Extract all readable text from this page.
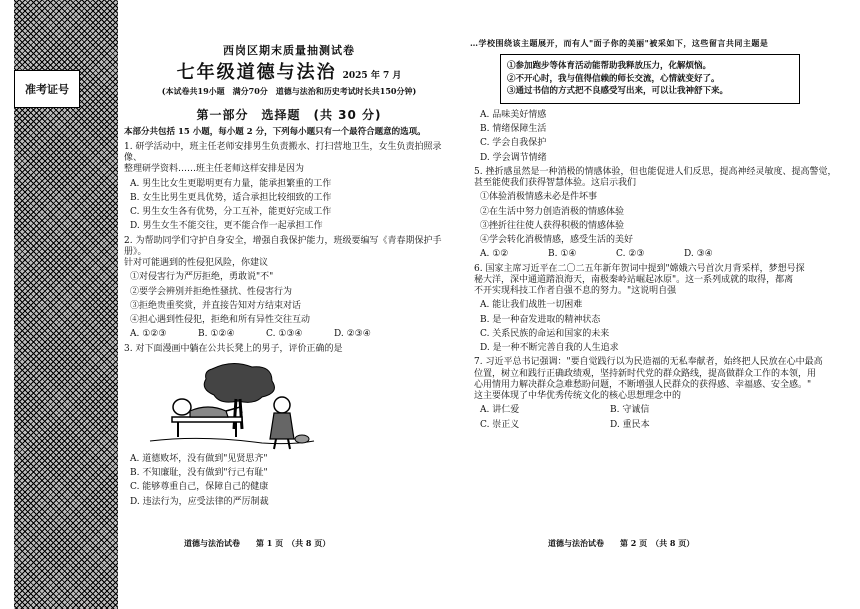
准考证号
西岗区期末质量抽测试卷
七年级道德与法治 2025 年 7 月
(本试卷共19小题　满分70分　道德与法治和历史考试时长共150分钟)
第一部分　选择题　(共 30 分)
本部分共包括 15 小题，每小题 2 分，下列每小题只有一个最符合题意的选项。
1. 研学活动中，班主任老师安排男生负责搬水、打扫营地卫生，女生负责拍照录像、
整理研学资料……班主任老师这样安排是因为
A. 男生比女生更聪明更有力量，能承担繁重的工作
B. 女生比男生更具优势，适合承担比较细致的工作
C. 男生女生各有优势，分工互补，能更好完成工作
D. 男生女生不能交往，更不能合作一起承担工作
2. 为帮助同学们守护自身安全，增强自我保护能力，班级要编写《青春期保护手册》。
针对可能遇到的性侵犯风险，你建议
①对侵害行为严厉拒绝，勇敢说"不"
②要学会辨别并拒绝性骚扰、性侵害行为
③拒绝贵重奖赏，并直接告知对方结束对话
④担心遇到性侵犯，拒绝和所有异性交往互动
A. ①②③	B. ①②④	C. ①③④	D. ②③④
3. 对下面漫画中躺在公共长凳上的男子，评价正确的是
A. 道德败坏，没有做到"见贤思齐"
B. 不知廉耻，没有做到"行己有耻"
C. 能够尊重自己，保障自己的健康
D. 违法行为，应受法律的严厉制裁
道德与法治试卷　　第 1 页　（共 8 页）
…学校围绕该主题展开，而有人"面子你的美丽"被采如下，这些留言共同主题是
①参加跑步等体育活动能帮助我释放压力，化解烦恼。
②不开心时，我与值得信赖的师长交流，心情就变好了。
③通过书信的方式把不良感受写出来，可以让我神舒下来。
A. 品味美好情感
B. 情绪保障生活
C. 学会自我保护
D. 学会调节情绪
5. 挫折感虽然是一种消极的情感体验，但也能促进人们反思，提高神经灵敏度、提高警觉，
甚至能使我们获得智慧体验。这启示我们
①体验消极情感未必是件坏事
②在生活中努力创造消极的情感体验
③挫折往往使人获得积极的情感体验
④学会转化消极情感，感受生活的美好
A. ①②	B. ①④	C. ②③	D. ③④
6. 国家主席习近平在二〇二五年新年贺词中提到"嫦娥六号首次月背采样，梦想号探
秘大洋，深中通道踏浪海天，南极秦岭站崛起冰原"。这一系列成就的取得，都离
不开实现科技工作者自强不息的努力。"这说明自强
A. 能让我们战胜一切困难
B. 是一种奋发进取的精神状态
C. 关系民族的命运和国家的未来
D. 是一种不断完善自我的人生追求
7. 习近平总书记强调："要自觉践行以为民造福的无私奉献者，始终把人民放在心中最高
位置，树立和践行正确政绩观，坚持新时代党的群众路线，提高做群众工作的本领，用
心用情用力解决群众急难愁盼问题，不断增强人民群众的获得感、幸福感、安全感。"
这主要体现了中华优秀传统文化的核心思想理念中的
A. 讲仁爱	B. 守诚信
C. 崇正义	D. 重民本
道德与法治试卷　　第 2 页　（共 8 页）
